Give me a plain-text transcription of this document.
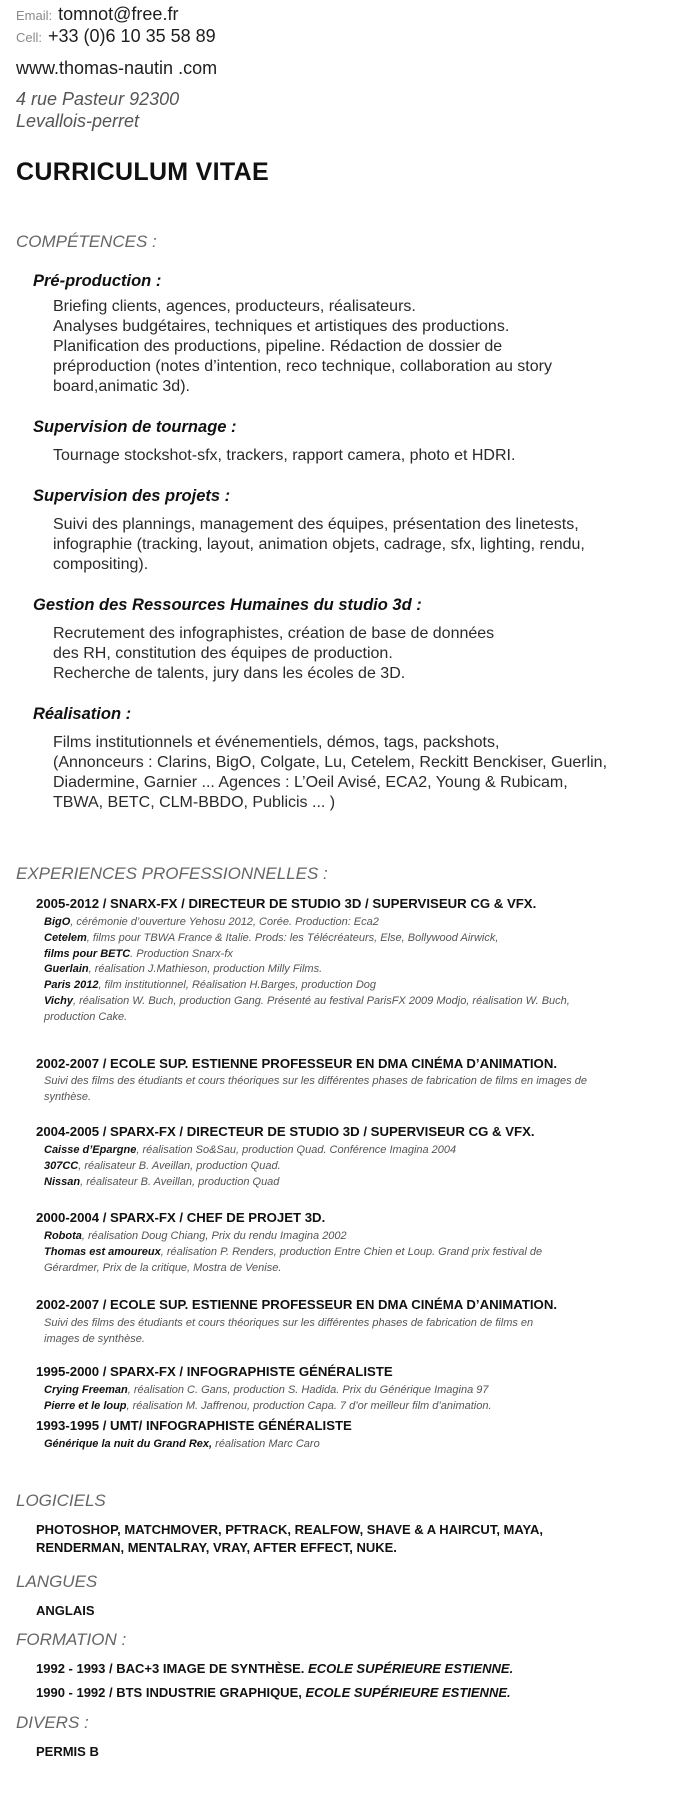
Email: tomnot@free.fr
Cell: +33 (0)6 10 35 58 89
www.thomas-nautin .com
4 rue Pasteur 92300
Levallois-perret
CURRICULUM VITAE
COMPÉTENCES :
Pré-production :
Briefing clients, agences, producteurs, réalisateurs.
Analyses budgétaires, techniques et artistiques des productions.
Planification des productions, pipeline. Rédaction de dossier de
préproduction (notes d’intention, reco technique, collaboration au story
board,animatic 3d).
Supervision de tournage :
Tournage stockshot-sfx, trackers, rapport camera, photo et HDRI.
Supervision des projets :
Suivi des plannings, management des équipes, présentation des linetests,
infographie (tracking, layout, animation objets, cadrage, sfx, lighting, rendu,
compositing).
Gestion des Ressources Humaines du studio 3d :
Recrutement des infographistes, création de base de données
des RH, constitution des équipes de production.
Recherche de talents, jury dans les écoles de 3D.
Réalisation :
Films institutionnels et événementiels, démos, tags, packshots,
(Annonceurs : Clarins, BigO, Colgate, Lu, Cetelem, Reckitt Benckiser, Guerlin,
Diadermine, Garnier ... Agences : L’Oeil Avisé, ECA2, Young & Rubicam,
TBWA, BETC, CLM-BBDO, Publicis ... )
EXPERIENCES PROFESSIONNELLES :
2005-2012 / SNARX-FX / DIRECTEUR DE STUDIO 3D / SUPERVISEUR CG & VFX.
BigO, cérémonie d’ouverture Yehosu 2012, Corée. Production: Eca2
Cetelem, films pour TBWA France & Italie. Prods: les Télécréateurs, Else, Bollywood Airwick,
films pour BETC. Production Snarx-fx
Guerlain, réalisation J.Mathieson, production Milly Films.
Paris 2012, film institutionnel, Réalisation H.Barges, production Dog
Vichy, réalisation W. Buch, production Gang. Présenté au festival ParisFX 2009 Modjo, réalisation W. Buch,
production Cake.
2002-2007 / ECOLE SUP. ESTIENNE PROFESSEUR EN DMA CINÉMA D’ANIMATION.
Suivi des films des étudiants et cours théoriques sur les différentes phases de fabrication de films en images de
synthèse.
2004-2005 / SPARX-FX / DIRECTEUR DE STUDIO 3D / SUPERVISEUR CG & VFX.
Caisse d’Epargne, réalisation So&Sau, production Quad. Conférence Imagina 2004
307CC, réalisateur B. Aveillan, production Quad.
Nissan, réalisateur B. Aveillan, production Quad
2000-2004 / SPARX-FX / CHEF DE PROJET 3D.
Robota, réalisation Doug Chiang, Prix du rendu Imagina 2002
Thomas est amoureux, réalisation P. Renders, production Entre Chien et Loup. Grand prix festival de
Gérardmer, Prix de la critique, Mostra de Venise.
2002-2007 / ECOLE SUP. ESTIENNE PROFESSEUR EN DMA CINÉMA D’ANIMATION.
Suivi des films des étudiants et cours théoriques sur les différentes phases de fabrication de films en
images de synthèse.
1995-2000 / SPARX-FX / INFOGRAPHISTE GÉNÉRALISTE
Crying Freeman, réalisation C. Gans, production S. Hadida. Prix du Générique Imagina 97
Pierre et le loup, réalisation M. Jaffrenou, production Capa. 7 d’or meilleur film d’animation.
1993-1995 / UMT/ INFOGRAPHISTE GÉNÉRALISTE
Générique la nuit du Grand Rex, réalisation Marc Caro
LOGICIELS
PHOTOSHOP, MATCHMOVER, PFTRACK, REALFOW, SHAVE & A HAIRCUT, MAYA,
RENDERMAN, MENTALRAY, VRAY, AFTER EFFECT, NUKE.
LANGUES
ANGLAIS
FORMATION :
1992 - 1993 / BAC+3 IMAGE DE SYNTHÈSE. ECOLE SUPÉRIEURE ESTIENNE.
1990 - 1992 / BTS INDUSTRIE GRAPHIQUE, ECOLE SUPÉRIEURE ESTIENNE.
DIVERS :
PERMIS B
